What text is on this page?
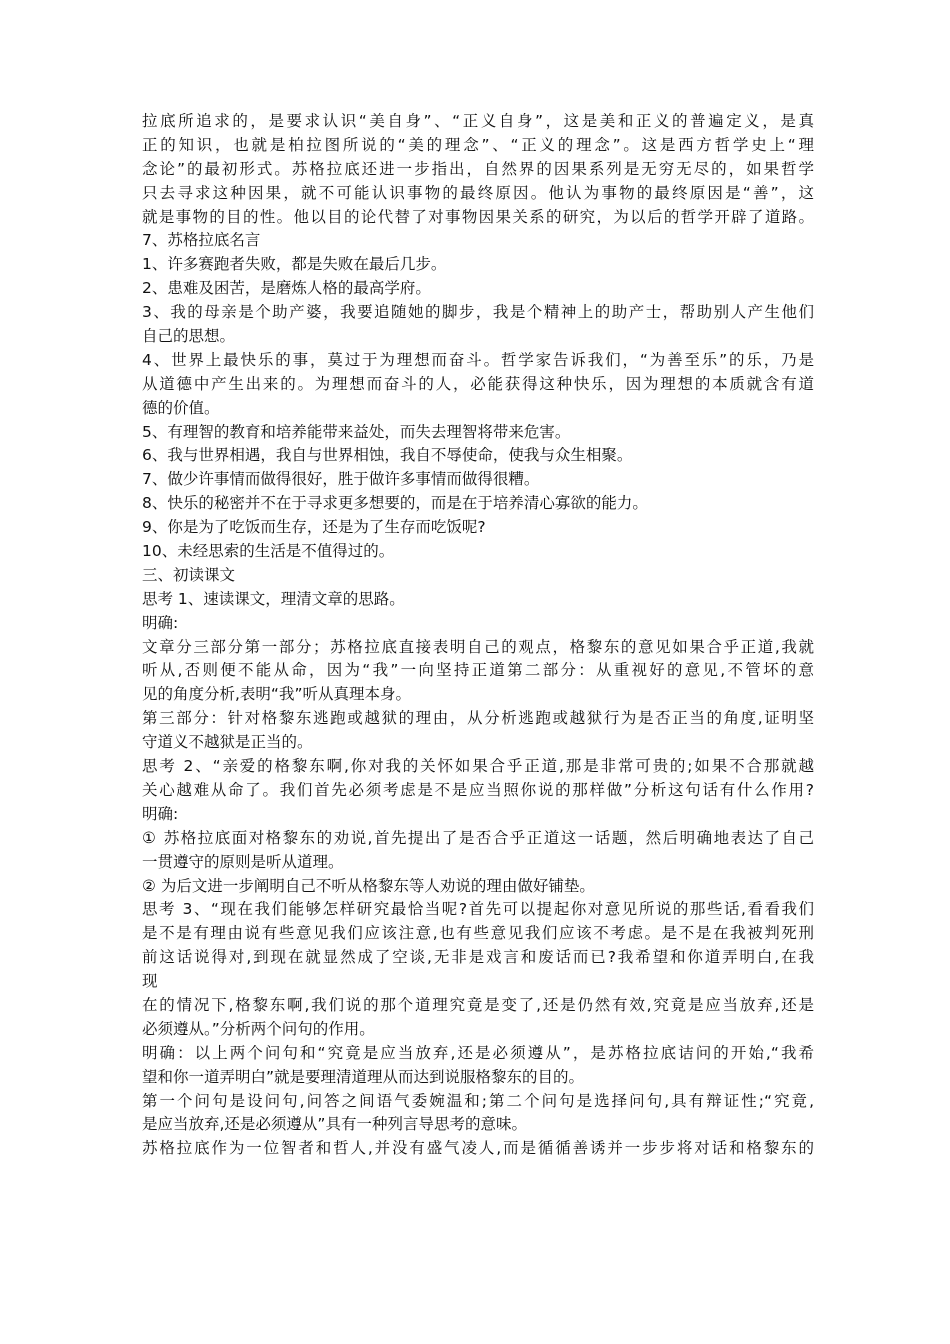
拉底所追求的，是要求认识“美自身”、“正义自身”，这是美和正义的普遍定义，是真
正的知识，也就是柏拉图所说的“美的理念”、“正义的理念”。这是西方哲学史上“理
念论”的最初形式。苏格拉底还进一步指出，自然界的因果系列是无穷无尽的，如果哲学
只去寻求这种因果，就不可能认识事物的最终原因。他认为事物的最终原因是“善”，这
就是事物的目的性。他以目的论代替了对事物因果关系的研究，为以后的哲学开辟了道路。
7、苏格拉底名言
1、许多赛跑者失败，都是失败在最后几步。
2、患难及困苦，是磨炼人格的最高学府。
3、我的母亲是个助产婆，我要追随她的脚步，我是个精神上的助产士，帮助别人产生他们
自己的思想。
4、世界上最快乐的事，莫过于为理想而奋斗。哲学家告诉我们，“为善至乐”的乐，乃是
从道德中产生出来的。为理想而奋斗的人，必能获得这种快乐，因为理想的本质就含有道
德的价值。
5、有理智的教育和培养能带来益处，而失去理智将带来危害。
6、我与世界相遇，我自与世界相蚀，我自不辱使命，使我与众生相聚。
7、做少许事情而做得很好，胜于做许多事情而做得很糟。
8、快乐的秘密并不在于寻求更多想要的，而是在于培养清心寡欲的能力。
9、你是为了吃饭而生存，还是为了生存而吃饭呢?
10、未经思索的生活是不值得过的。
三、初读课文
思考 1、速读课文，理清文章的思路。
明确:
文章分三部分第一部分；苏格拉底直接表明自己的观点，格黎东的意见如果合乎正道,我就
听从,否则便不能从命，因为“我”一向坚持正道第二部分：从重视好的意见,不管坏的意
见的角度分析,表明“我”听从真理本身。
第三部分：针对格黎东逃跑或越狱的理由，从分析逃跑或越狱行为是否正当的角度,证明坚
守道义不越狱是正当的。
思考 2、“亲爱的格黎东啊,你对我的关怀如果合乎正道,那是非常可贵的;如果不合那就越
关心越难从命了。我们首先必须考虑是不是应当照你说的那样做”分析这句话有什么作用?
明确:
① 苏格拉底面对格黎东的劝说,首先提出了是否合乎正道这一话题，然后明确地表达了自己
一贯遵守的原则是听从道理。
② 为后文进一步阐明自己不听从格黎东等人劝说的理由做好铺垫。
思考 3、“现在我们能够怎样研究最恰当呢?首先可以提起你对意见所说的那些话,看看我们
是不是有理由说有些意见我们应该注意,也有些意见我们应该不考虑。是不是在我被判死刑
前这话说得对,到现在就显然成了空谈,无非是戏言和废话而已?我希望和你道弄明白,在我
现
在的情况下,格黎东啊,我们说的那个道理究竟是变了,还是仍然有效,究竟是应当放弃,还是
必须遵从。”分析两个问句的作用。
明确：以上两个问句和“究竟是应当放弃,还是必须遵从”，是苏格拉底诘问的开始,“我希
望和你一道弄明白”就是要理清道理从而达到说服格黎东的目的。
第一个问句是设问句,问答之间语气委婉温和;第二个问句是选择问句,具有辩证性;“究竟,
是应当放弃,还是必须遵从”具有一种列言导思考的意味。
苏格拉底作为一位智者和哲人,并没有盛气凌人,而是循循善诱并一步步将对话和格黎东的
